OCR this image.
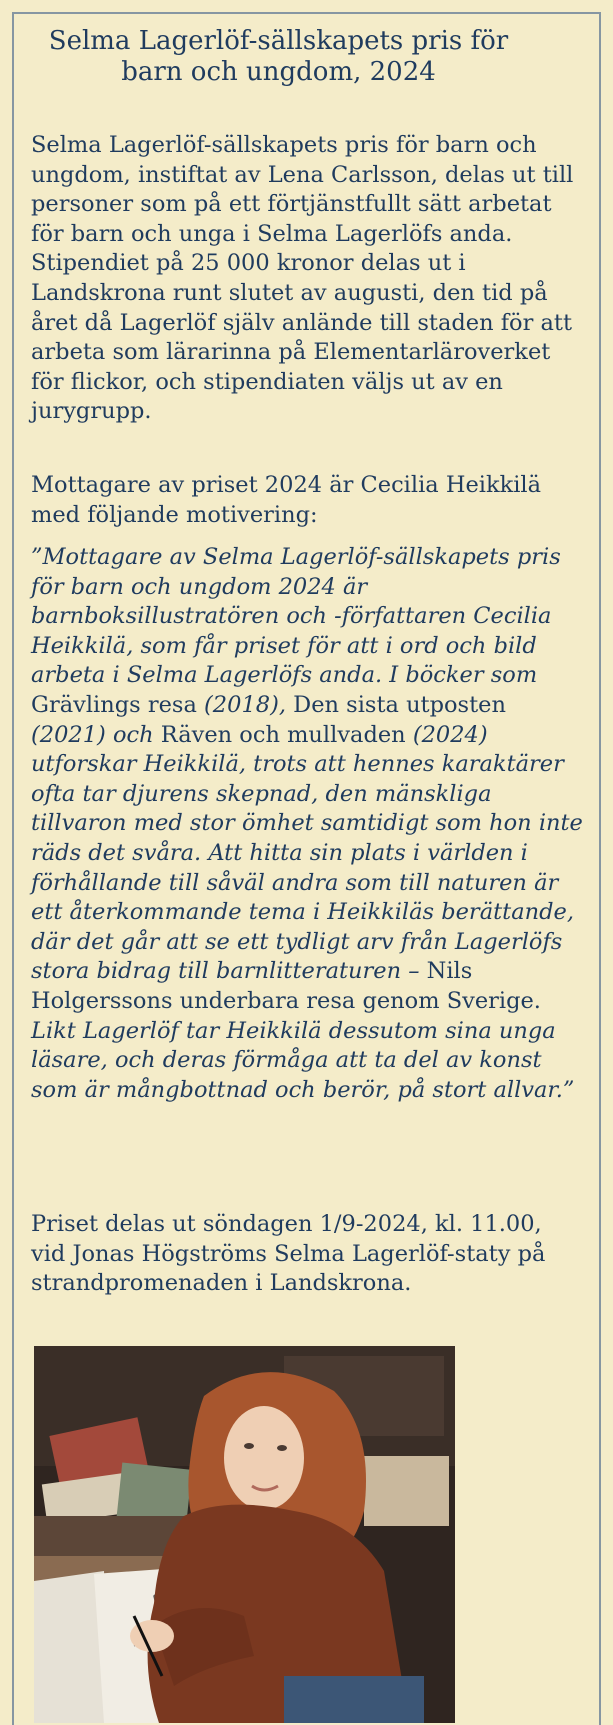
Selma Lagerlöf-sällskapets pris för barn och ungdom, 2024

Selma Lagerlöf-sällskapets pris för barn och ungdom, instiftat av Lena Carlsson, delas ut till personer som på ett förtjänstfullt sätt arbetat för barn och unga i Selma Lagerlöfs anda. Stipendiet på 25 000 kronor delas ut i Landskrona runt slutet av augusti, den tid på året då Lagerlöf själv anlände till staden för att arbeta som lärarinna på Elementarläroverket för flickor, och stipendiaten väljs ut av en jurygrupp.

Mottagare av priset 2024 är Cecilia Heikkilä med följande motivering:

”Mottagare av Selma Lagerlöf-sällskapets pris för barn och ungdom 2024 är barnboksillustratören och -författaren Cecilia Heikkilä, som får priset för att i ord och bild arbeta i Selma Lagerlöfs anda. I böcker som Grävlings resa (2018), Den sista utposten (2021) och Räven och mullvaden (2024) utforskar Heikkilä, trots att hennes karaktärer ofta tar djurens skepnad, den mänskliga tillvaron med stor ömhet samtidigt som hon inte räds det svåra. Att hitta sin plats i världen i förhållande till såväl andra som till naturen är ett återkommande tema i Heikkiläs berättande, där det går att se ett tydligt arv från Lagerlöfs stora bidrag till barnlitteraturen – Nils Holgerssons underbara resa genom Sverige. Likt Lagerlöf tar Heikkilä dessutom sina unga läsare, och deras förmåga att ta del av konst som är mångbottnad och berör, på stort allvar.”

Priset delas ut söndagen 1/9-2024, kl. 11.00, vid Jonas Högströms Selma Lagerlöf-staty på strandpromenaden i Landskrona.
